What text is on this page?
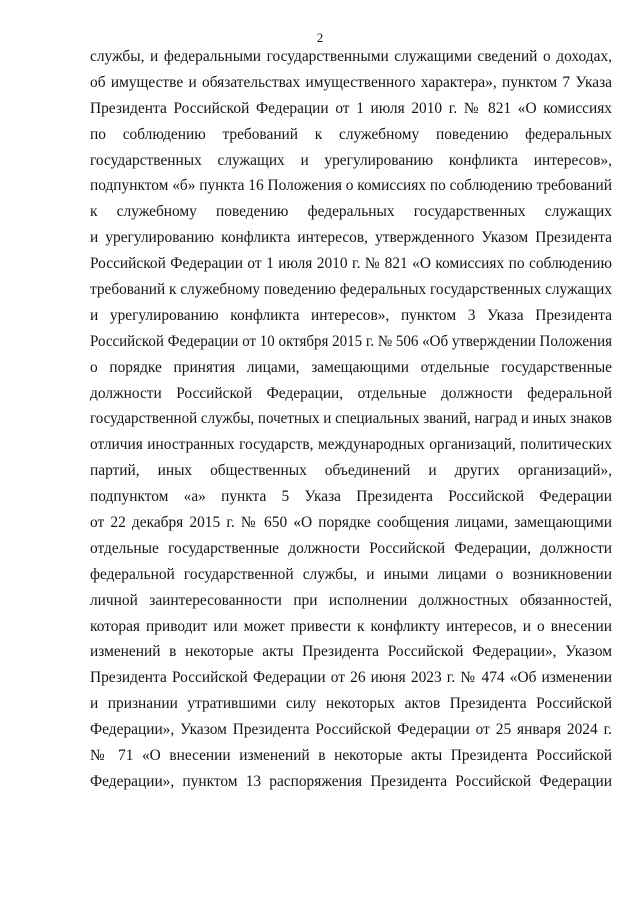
2
службы, и федеральными государственными служащими сведений о доходах,
об имуществе и обязательствах имущественного характера», пунктом 7 Указа
Президента Российской Федерации от 1 июля 2010 г. № 821 «О комиссиях
по соблюдению требований к служебному поведению федеральных
государственных служащих и урегулированию конфликта интересов»,
подпунктом «б» пункта 16 Положения о комиссиях по соблюдению требований
к служебному поведению федеральных государственных служащих
и урегулированию конфликта интересов, утвержденного Указом Президента
Российской Федерации от 1 июля 2010 г. № 821 «О комиссиях по соблюдению
требований к служебному поведению федеральных государственных служащих
и урегулированию конфликта интересов», пунктом 3 Указа Президента
Российской Федерации от 10 октября 2015 г. № 506 «Об утверждении Положения
о порядке принятия лицами, замещающими отдельные государственные
должности Российской Федерации, отдельные должности федеральной
государственной службы, почетных и специальных званий, наград и иных знаков
отличия иностранных государств, международных организаций, политических
партий, иных общественных объединений и других организаций»,
подпунктом «а» пункта 5 Указа Президента Российской Федерации
от 22 декабря 2015 г. № 650 «О порядке сообщения лицами, замещающими
отдельные государственные должности Российской Федерации, должности
федеральной государственной службы, и иными лицами о возникновении
личной заинтересованности при исполнении должностных обязанностей,
которая приводит или может привести к конфликту интересов, и о внесении
изменений в некоторые акты Президента Российской Федерации», Указом
Президента Российской Федерации от 26 июня 2023 г. № 474 «Об изменении
и признании утратившими силу некоторых актов Президента Российской
Федерации», Указом Президента Российской Федерации от 25 января 2024 г.
№ 71 «О внесении изменений в некоторые акты Президента Российской
Федерации», пунктом 13 распоряжения Президента Российской Федерации
